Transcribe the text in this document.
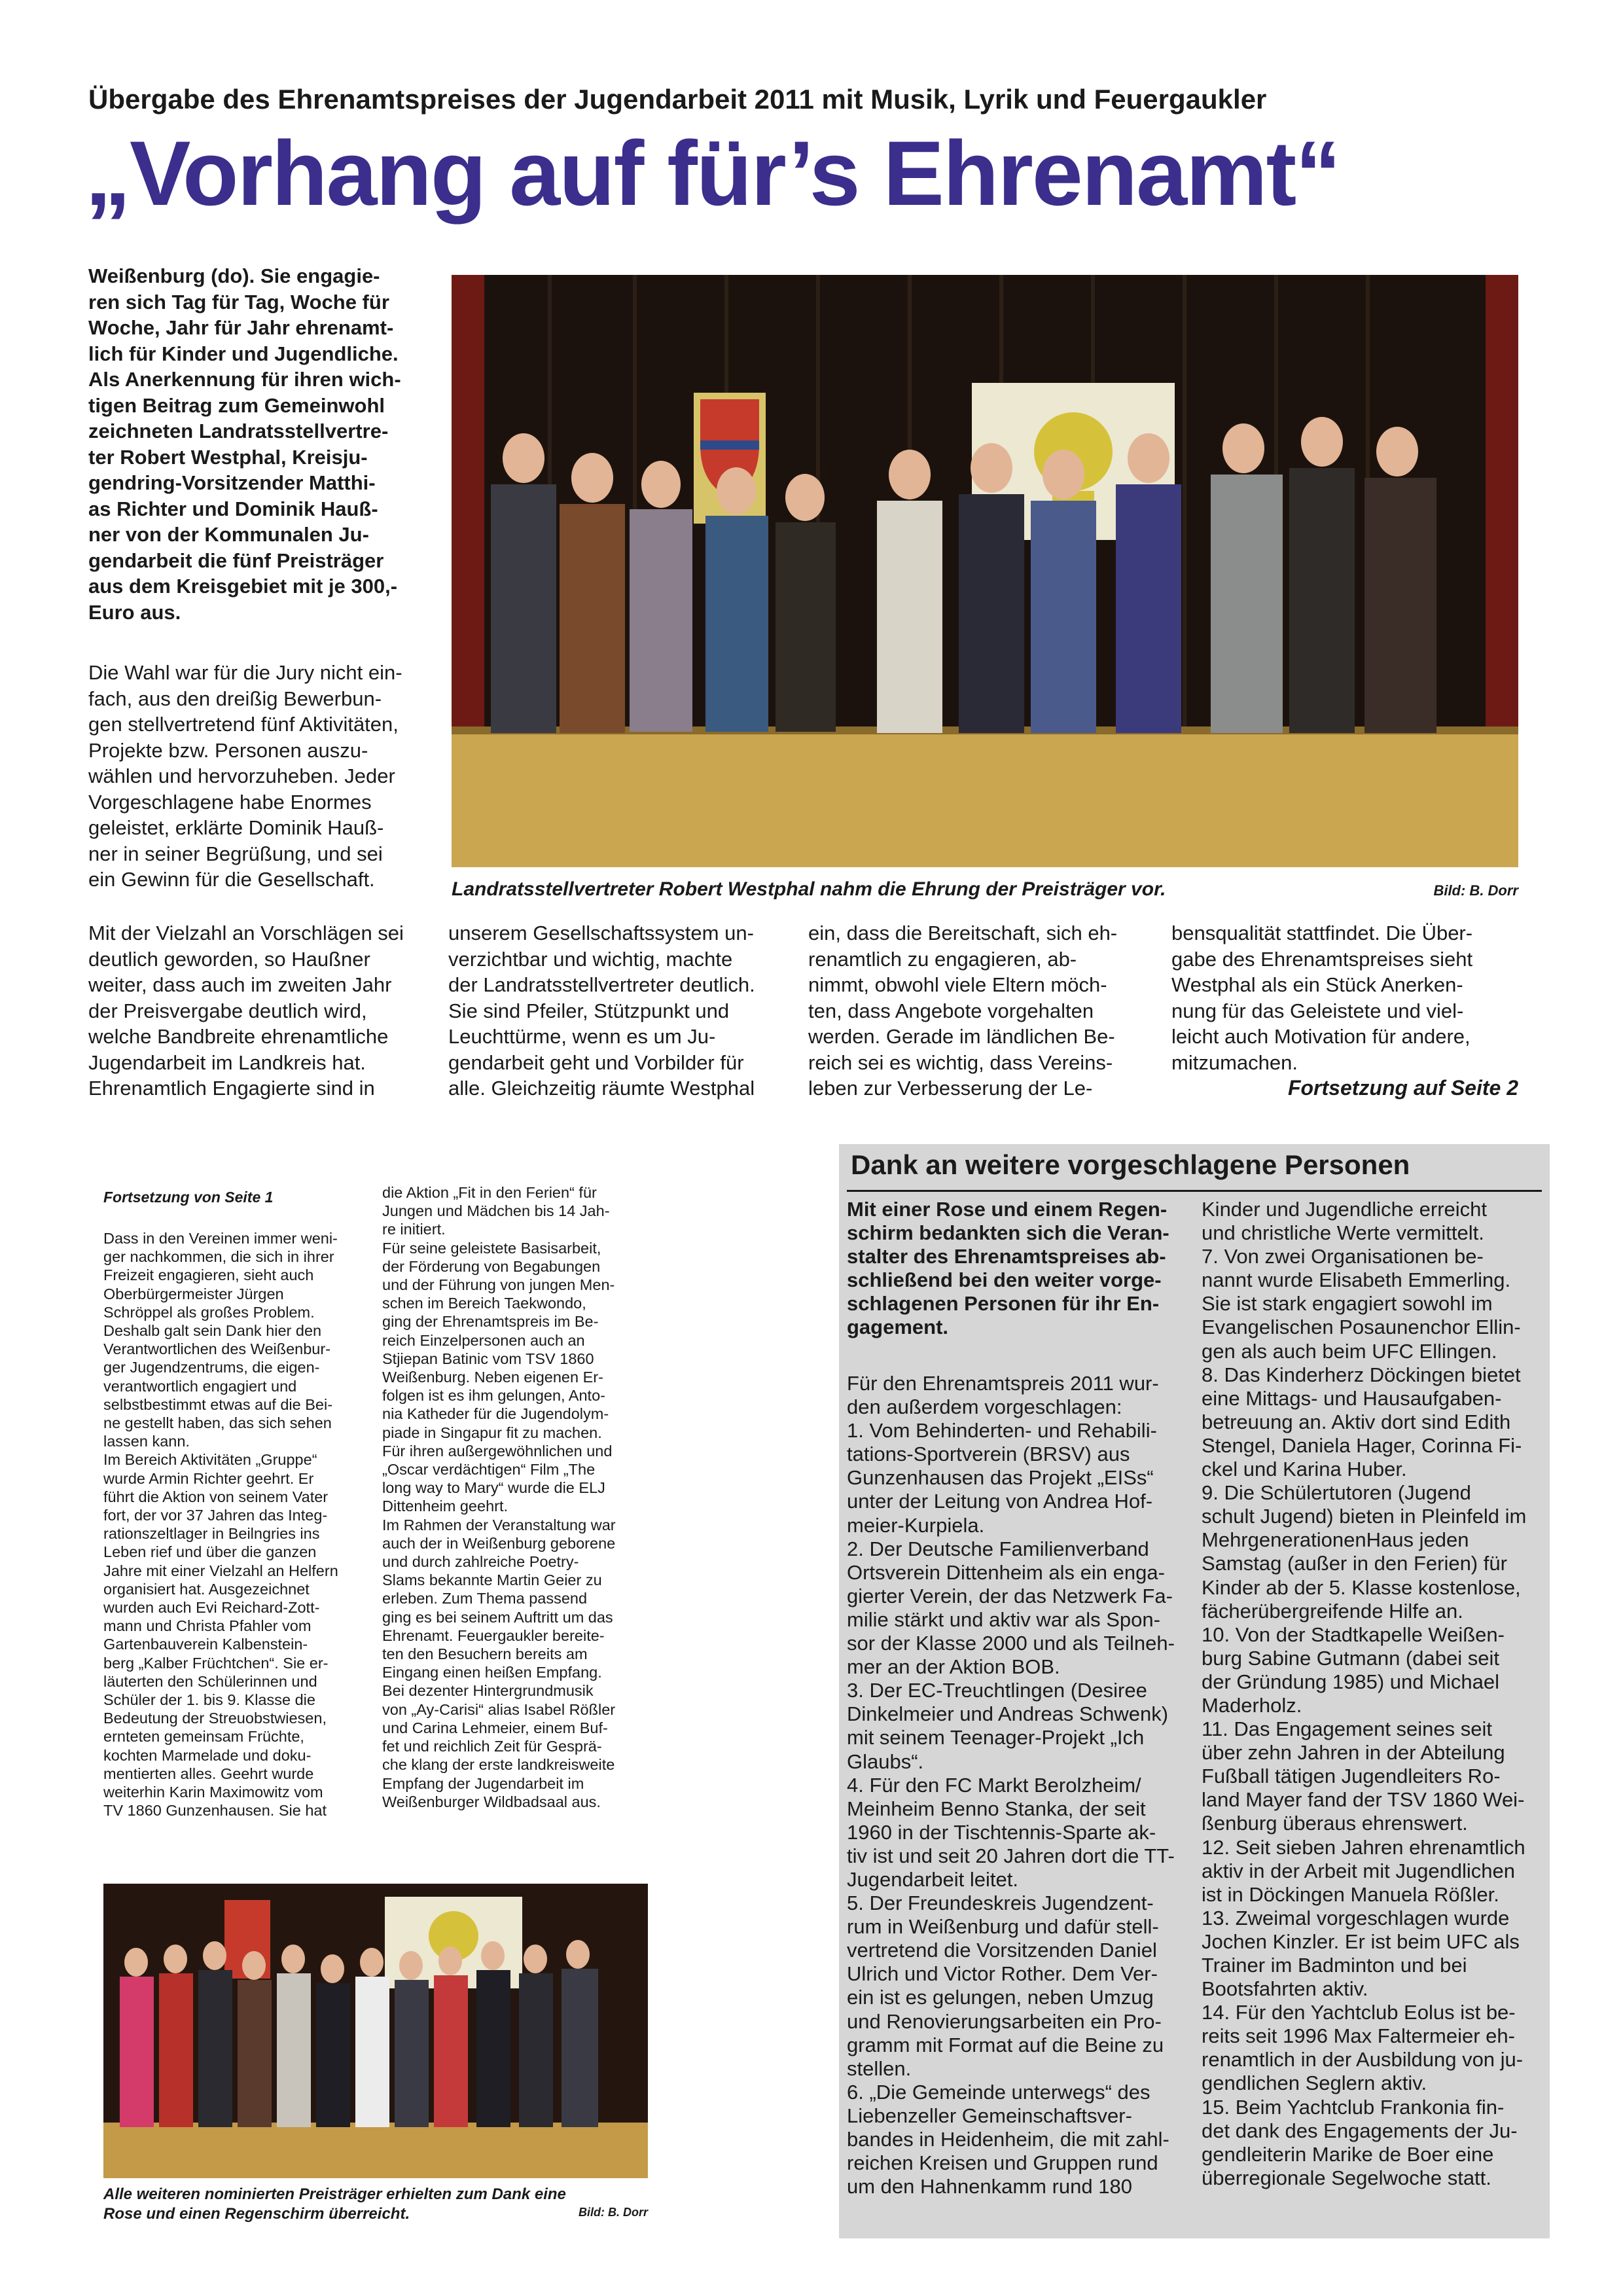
Übergabe des Ehrenamtspreises der Jugendarbeit 2011 mit Musik, Lyrik und Feuergaukler
„Vorhang auf für’s Ehrenamt“
Weißenburg (do). Sie engagie-
ren sich Tag für Tag, Woche für
Woche, Jahr für Jahr ehrenamt-
lich für Kinder und Jugendliche.
Als Anerkennung für ihren wich-
tigen Beitrag zum Gemeinwohl
zeichneten Landratsstellvertre-
ter Robert Westphal, Kreisju-
gendring-Vorsitzender Matthi-
as Richter und Dominik Hauß-
ner von der Kommunalen Ju-
gendarbeit die fünf Preisträger
aus dem Kreisgebiet mit je 300,-
Euro aus.
Die Wahl war für die Jury nicht ein-
fach, aus den dreißig Bewerbun-
gen stellvertretend fünf Aktivitäten,
Projekte bzw. Personen auszu-
wählen und hervorzuheben. Jeder
Vorgeschlagene habe Enormes
geleistet, erklärte Dominik Hauß-
ner in seiner Begrüßung, und sei
ein Gewinn für die Gesellschaft.	Landratsstellvertreter Robert Westphal nahm die Ehrung der Preisträger vor.	Bild: B. Dorr
Mit der Vielzahl an Vorschlägen sei
deutlich geworden, so Haußner
weiter, dass auch im zweiten Jahr
der Preisvergabe deutlich wird,
welche Bandbreite ehrenamtliche
Jugendarbeit im Landkreis hat.
Ehrenamtlich Engagierte sind in
unserem Gesellschaftssystem un-
verzichtbar und wichtig, machte
der Landratsstellvertreter deutlich.
Sie sind Pfeiler, Stützpunkt und
Leuchttürme, wenn es um Ju-
gendarbeit geht und Vorbilder für
alle. Gleichzeitig räumte Westphal
ein, dass die Bereitschaft, sich eh-
renamtlich zu engagieren, ab-
nimmt, obwohl viele Eltern möch-
ten, dass Angebote vorgehalten
werden. Gerade im ländlichen Be-
reich sei es wichtig, dass Vereins-
leben zur Verbesserung der Le-
bensqualität stattfindet. Die Über-
gabe des Ehrenamtspreises sieht
Westphal als ein Stück Anerken-
nung für das Geleistete und viel-
leicht auch Motivation für andere,
mitzumachen.
Fortsetzung auf Seite 2
Fortsetzung von Seite 1
Dass in den Vereinen immer weni-
ger nachkommen, die sich in ihrer
Freizeit engagieren, sieht auch
Oberbürgermeister Jürgen
Schröppel als großes Problem.
Deshalb galt sein Dank hier den
Verantwortlichen des Weißenbur-
ger Jugendzentrums, die eigen-
verantwortlich engagiert und
selbstbestimmt etwas auf die Bei-
ne gestellt haben, das sich sehen
lassen kann.
Im Bereich Aktivitäten „Gruppe“
wurde Armin Richter geehrt. Er
führt die Aktion von seinem Vater
fort, der vor 37 Jahren das Integ-
rationszeltlager in Beilngries ins
Leben rief und über die ganzen
Jahre mit einer Vielzahl an Helfern
organisiert hat. Ausgezeichnet
wurden auch Evi Reichard-Zott-
mann und Christa Pfahler vom
Gartenbauverein Kalbenstein-
berg „Kalber Früchtchen“. Sie er-
läuterten den Schülerinnen und
Schüler der 1. bis 9. Klasse die
Bedeutung der Streuobstwiesen,
ernteten gemeinsam Früchte,
kochten Marmelade und doku-
mentierten alles. Geehrt wurde
weiterhin Karin Maximowitz vom
TV 1860 Gunzenhausen. Sie hat
die Aktion „Fit in den Ferien“ für
Jungen und Mädchen bis 14 Jah-
re initiert.
Für seine geleistete Basisarbeit,
der Förderung von Begabungen
und der Führung von jungen Men-
schen im Bereich Taekwondo,
ging der Ehrenamtspreis im Be-
reich Einzelpersonen auch an
Stjiepan Batinic vom TSV 1860
Weißenburg. Neben eigenen Er-
folgen ist es ihm gelungen, Anto-
nia Katheder für die Jugendolym-
piade in Singapur fit zu machen.
Für ihren außergewöhnlichen und
„Oscar verdächtigen“ Film „The
long way to Mary“ wurde die ELJ
Dittenheim geehrt.
Im Rahmen der Veranstaltung war
auch der in Weißenburg geborene
und durch zahlreiche Poetry-
Slams bekannte Martin Geier zu
erleben. Zum Thema passend
ging es bei seinem Auftritt um das
Ehrenamt. Feuergaukler bereite-
ten den Besuchern bereits am
Eingang einen heißen Empfang.
Bei dezenter Hintergrundmusik
von „Ay-Carisi“ alias Isabel Rößler
und Carina Lehmeier, einem Buf-
fet und reichlich Zeit für Gesprä-
che klang der erste landkreisweite
Empfang der Jugendarbeit im
Weißenburger Wildbadsaal aus.
Alle weiteren nominierten Preisträger erhielten zum Dank eine
Rose und einen Regenschirm überreicht.	Bild: B. Dorr
Dank an weitere vorgeschlagene Personen
Mit einer Rose und einem Regen-
schirm bedankten sich die Veran-
stalter des Ehrenamtspreises ab-
schließend bei den weiter vorge-
schlagenen Personen für ihr En-
gagement.
Für den Ehrenamtspreis 2011 wur-
den außerdem vorgeschlagen:
1. Vom Behinderten- und Rehabili-
tations-Sportverein (BRSV) aus
Gunzenhausen das Projekt „EISs“
unter der Leitung von Andrea Hof-
meier-Kurpiela.
2. Der Deutsche Familienverband
Ortsverein Dittenheim als ein enga-
gierter Verein, der das Netzwerk Fa-
milie stärkt und aktiv war als Spon-
sor der Klasse 2000 und als Teilneh-
mer an der Aktion BOB.
3. Der EC-Treuchtlingen (Desiree
Dinkelmeier und Andreas Schwenk)
mit seinem Teenager-Projekt „Ich
Glaubs“.
4. Für den FC Markt Berolzheim/
Meinheim Benno Stanka, der seit
1960 in der Tischtennis-Sparte ak-
tiv ist und seit 20 Jahren dort die TT-
Jugendarbeit leitet.
5. Der Freundeskreis Jugendzent-
rum in Weißenburg und dafür stell-
vertretend die Vorsitzenden Daniel
Ulrich und Victor Rother. Dem Ver-
ein ist es gelungen, neben Umzug
und Renovierungsarbeiten ein Pro-
gramm mit Format auf die Beine zu
stellen.
6. „Die Gemeinde unterwegs“ des
Liebenzeller Gemeinschaftsver-
bandes in Heidenheim, die mit zahl-
reichen Kreisen und Gruppen rund
um den Hahnenkamm rund 180
Kinder und Jugendliche erreicht
und christliche Werte vermittelt.
7. Von zwei Organisationen be-
nannt wurde Elisabeth Emmerling.
Sie ist stark engagiert sowohl im
Evangelischen Posaunenchor Ellin-
gen als auch beim UFC Ellingen.
8. Das Kinderherz Döckingen bietet
eine Mittags- und Hausaufgaben-
betreuung an. Aktiv dort sind Edith
Stengel, Daniela Hager, Corinna Fi-
ckel und Karina Huber.
9. Die Schülertutoren (Jugend
schult Jugend) bieten in Pleinfeld im
MehrgenerationenHaus jeden
Samstag (außer in den Ferien) für
Kinder ab der 5. Klasse kostenlose,
fächerübergreifende Hilfe an.
10. Von der Stadtkapelle Weißen-
burg Sabine Gutmann (dabei seit
der Gründung 1985) und Michael
Maderholz.
11. Das Engagement seines seit
über zehn Jahren in der Abteilung
Fußball tätigen Jugendleiters Ro-
land Mayer fand der TSV 1860 Wei-
ßenburg überaus ehrenswert.
12. Seit sieben Jahren ehrenamtlich
aktiv in der Arbeit mit Jugendlichen
ist in Döckingen Manuela Rößler.
13. Zweimal vorgeschlagen wurde
Jochen Kinzler. Er ist beim UFC als
Trainer im Badminton und bei
Bootsfahrten aktiv.
14. Für den Yachtclub Eolus ist be-
reits seit 1996 Max Faltermeier eh-
renamtlich in der Ausbildung von ju-
gendlichen Seglern aktiv.
15. Beim Yachtclub Frankonia fin-
det dank des Engagements der Ju-
gendleiterin Marike de Boer eine
überregionale Segelwoche statt.
